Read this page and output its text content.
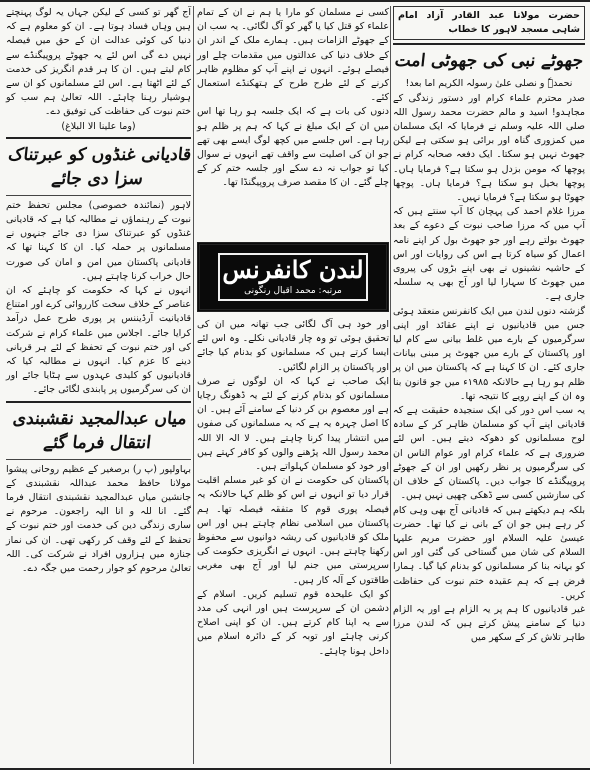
حضرت مولانا عبد القادر آزاد امام شاہی مسجد لاہور کا خطاب

جھوٹے نبی کی جھوٹی امت

نحمدہٗ و نصلی علیٰ رسولہ الکریم اما بعد!

صدر محترم علماء کرام اور دستور زندگی کے مجاہدو! اسید و مالم حضرت محمد رسول اللہ صلی اللہ علیہ وسلم نے فرمایا کہ ایک مسلمان میں کمزوری گناہ اور برائی ہو سکتی ہے لیکن جھوٹ نہیں ہو سکتا۔ ایک دفعہ صحابہ کرام نے پوچھا کہ مومن بزدل ہو سکتا ہے؟ فرمایا ہاں۔ پوچھا بخیل ہو سکتا ہے؟ فرمایا ہاں۔ پوچھا جھوٹا ہو سکتا ہے؟ فرمایا نہیں۔

مرزا غلام احمد کی پہچان کا آپ سنتے ہیں کہ آپ میں کہ مرزا صاحب نبوت کے دعوے کے بعد جھوٹ بولتے رہے اور جو جھوٹ بول کر اپنے نامہ اعمال کو سیاہ کرتا ہے اس کی روایات اور اس کے حاشیہ نشینوں نے بھی اپنے بڑوں کی پیروی میں جھوٹ کا سہارا لیا اور آج بھی یہ سلسلہ جاری ہے۔

گزشتہ دنوں لندن میں ایک کانفرنس منعقد ہوئی جس میں قادیانیوں نے اپنے عقائد اور اپنی سرگرمیوں کے بارے میں غلط بیانی سے کام لیا اور پاکستان کے بارے میں جھوٹ پر مبنی بیانات جاری کئے۔ ان کا کہنا ہے کہ پاکستان میں ان پر ظلم ہو رہا ہے حالانکہ ۱۹۸۵ء میں جو قانون بنا وہ ان کے اپنے رویے کا نتیجہ تھا۔

یہ سب اس دور کی ایک سنجیدہ حقیقت ہے کہ قادیانی اپنے آپ کو مسلمان ظاہر کر کے سادہ لوح مسلمانوں کو دھوکہ دیتے ہیں۔ اس لئے ضروری ہے کہ علماء کرام اور عوام الناس ان کی سرگرمیوں پر نظر رکھیں اور ان کے جھوٹے پروپیگنڈے کا جواب دیں۔ پاکستان کے خلاف ان کی سازشیں کسی سے ڈھکی چھپی نہیں ہیں۔

بلکہ ہم دیکھتے ہیں کہ قادیانی آج بھی وہی کام کر رہے ہیں جو ان کے بانی نے کیا تھا۔ حضرت عیسیٰ علیہ السلام اور حضرت مریم علیہا السلام کی شان میں گستاخی کی گئی اور اس کو بہانہ بنا کر مسلمانوں کو بدنام کیا گیا۔ ہمارا فرض ہے کہ ہم عقیدہ ختم نبوت کی حفاظت کریں۔

غیر قادیانیوں کا ہم پر یہ الزام ہے اور یہ الزام دنیا کے سامنے پیش کرتے ہیں کہ لندن مرزا طاہر تلاش کر کے سکھر میں

کسی نے مسلمان کو مارا یا ہم نے ان کے تمام علماء کو قتل کیا یا گھر کو آگ لگائی۔ یہ سب ان کے جھوٹے الزامات ہیں۔ ہمارے ملک کے اندر ان کے خلاف دنیا کی عدالتوں میں مقدمات چلے اور فیصلے ہوئے۔ انہوں نے اپنے آپ کو مظلوم ظاہر کرنے کے لئے طرح طرح کے ہتھکنڈے استعمال کئے۔

دنوں کی بات ہے کہ ایک جلسہ ہو رہا تھا اس میں ان کے ایک مبلغ نے کہا کہ ہم پر ظلم ہو رہا ہے۔ اس جلسے میں کچھ لوگ ایسے بھی تھے جو ان کی اصلیت سے واقف تھے انہوں نے سوال کیا تو جواب نہ دے سکے اور جلسہ ختم کر کے چلے گئے۔ ان کا مقصد صرف پروپیگنڈا تھا۔

لندن کانفرنس
مرتبہ: محمد اقبال رنگونی

اور خود ہی آگ لگائی جب تھانہ میں ان کی تحقیق ہوئی تو وہ چار قادیانی نکلے۔ وہ اس لئے ایسا کرتے ہیں کہ مسلمانوں کو بدنام کیا جائے اور پاکستان پر الزام لگائیں۔

ایک صاحب نے کہا کہ ان لوگوں نے صرف مسلمانوں کو بدنام کرنے کے لئے یہ ڈھونگ رچایا ہے اور معصوم بن کر دنیا کے سامنے آئے ہیں۔ ان کا اصل چہرہ یہ ہے کہ یہ مسلمانوں کی صفوں میں انتشار پیدا کرنا چاہتے ہیں۔ لا الہ الا اللہ محمد رسول اللہ پڑھنے والوں کو کافر کہتے ہیں اور خود کو مسلمان کہلواتے ہیں۔

پاکستان کی حکومت نے ان کو غیر مسلم اقلیت قرار دیا تو انہوں نے اس کو ظلم کہا حالانکہ یہ فیصلہ پوری قوم کا متفقہ فیصلہ تھا۔ ہم پاکستان میں اسلامی نظام چاہتے ہیں اور اس ملک کو قادیانیوں کی ریشہ دوانیوں سے محفوظ رکھنا چاہتے ہیں۔ انہوں نے انگریزی حکومت کی سرپرستی میں جنم لیا اور آج بھی مغربی طاقتوں کے آلہ کار ہیں۔

کو ایک علیحدہ قوم تسلیم کریں۔ اسلام کے دشمن ان کے سرپرست ہیں اور انہی کی مدد سے یہ اپنا کام کرتے ہیں۔ ان کو اپنی اصلاح کرنی چاہئے اور توبہ کر کے دائرہ اسلام میں داخل ہونا چاہئے۔

آج گھر تو کسی کے لیکن جہاں یہ لوگ پہنچتے ہیں وہاں فساد ہوتا ہے۔ ان کو معلوم ہے کہ دنیا کی کوئی عدالت ان کے حق میں فیصلہ نہیں دے گی اس لئے یہ جھوٹے پروپیگنڈے سے کام لیتے ہیں۔ ان کا ہر قدم انگریز کی خدمت کے لئے اٹھتا ہے۔ اس لئے مسلمانوں کو ان سے ہوشیار رہنا چاہئے۔ اللہ تعالیٰ ہم سب کو ختم نبوت کی حفاظت کی توفیق دے۔

(وما علینا الا البلاغ)

قادیانی غنڈوں کو عبرتناک سزا دی جائے

لاہور (نمائندہ خصوصی) مجلس تحفظ ختم نبوت کے رہنماؤں نے مطالبہ کیا ہے کہ قادیانی غنڈوں کو عبرتناک سزا دی جائے جنہوں نے مسلمانوں پر حملہ کیا۔ ان کا کہنا تھا کہ قادیانی پاکستان میں امن و امان کی صورت حال خراب کرنا چاہتے ہیں۔

انہوں نے کہا کہ حکومت کو چاہئے کہ ان عناصر کے خلاف سخت کارروائی کرے اور امتناع قادیانیت آرڈیننس پر پوری طرح عمل درآمد کرایا جائے۔ اجلاس میں علماء کرام نے شرکت کی اور ختم نبوت کے تحفظ کے لئے ہر قربانی دینے کا عزم کیا۔ انہوں نے مطالبہ کیا کہ قادیانیوں کو کلیدی عہدوں سے ہٹایا جائے اور ان کی سرگرمیوں پر پابندی لگائی جائے۔

میاں عبدالمجید نقشبندی انتقال فرما گئے

بہاولپور (پ ر) برصغیر کے عظیم روحانی پیشوا مولانا حافظ محمد عبداللہ نقشبندی کے جانشین میاں عبدالمجید نقشبندی انتقال فرما گئے۔ انا للہ و انا الیہ راجعون۔ مرحوم نے ساری زندگی دین کی خدمت اور ختم نبوت کے تحفظ کے لئے وقف کر رکھی تھی۔ ان کی نماز جنازہ میں ہزاروں افراد نے شرکت کی۔ اللہ تعالیٰ مرحوم کو جوار رحمت میں جگہ دے۔
